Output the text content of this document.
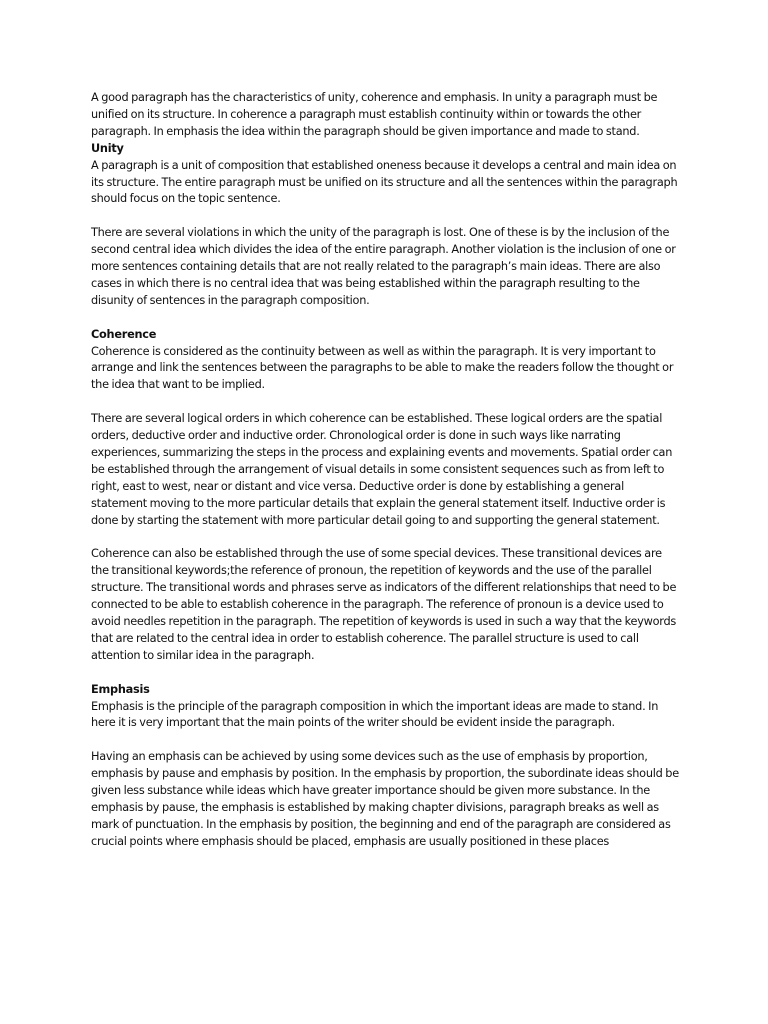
A good paragraph has the characteristics of unity, coherence and emphasis. In unity a paragraph must be unified on its structure. In coherence a paragraph must establish continuity within or towards the other paragraph. In emphasis the idea within the paragraph should be given importance and made to stand.

Unity

A paragraph is a unit of composition that established oneness because it develops a central and main idea on its structure. The entire paragraph must be unified on its structure and all the sentences within the paragraph should focus on the topic sentence.

There are several violations in which the unity of the paragraph is lost. One of these is by the inclusion of the second central idea which divides the idea of the entire paragraph. Another violation is the inclusion of one or more sentences containing details that are not really related to the paragraph’s main ideas. There are also cases in which there is no central idea that was being established within the paragraph resulting to the disunity of sentences in the paragraph composition.

Coherence

Coherence is considered as the continuity between as well as within the paragraph. It is very important to arrange and link the sentences between the paragraphs to be able to make the readers follow the thought or the idea that want to be implied.

There are several logical orders in which coherence can be established. These logical orders are the spatial orders, deductive order and inductive order. Chronological order is done in such ways like narrating experiences, summarizing the steps in the process and explaining events and movements. Spatial order can be established through the arrangement of visual details in some consistent sequences such as from left to right, east to west, near or distant and vice versa. Deductive order is done by establishing a general statement moving to the more particular details that explain the general statement itself. Inductive order is done by starting the statement with more particular detail going to and supporting the general statement.

Coherence can also be established through the use of some special devices. These transitional devices are the transitional keywords;the reference of pronoun, the repetition of keywords and the use of the parallel structure. The transitional words and phrases serve as indicators of the different relationships that need to be connected to be able to establish coherence in the paragraph. The reference of pronoun is a device used to avoid needles repetition in the paragraph. The repetition of keywords is used in such a way that the keywords that are related to the central idea in order to establish coherence. The parallel structure is used to call attention to similar idea in the paragraph.

Emphasis

Emphasis is the principle of the paragraph composition in which the important ideas are made to stand. In here it is very important that the main points of the writer should be evident inside the paragraph.

Having an emphasis can be achieved by using some devices such as the use of emphasis by proportion, emphasis by pause and emphasis by position. In the emphasis by proportion, the subordinate ideas should be given less substance while ideas which have greater importance should be given more substance. In the emphasis by pause, the emphasis is established by making chapter divisions, paragraph breaks as well as mark of punctuation. In the emphasis by position, the beginning and end of the paragraph are considered as crucial points where emphasis should be placed, emphasis are usually positioned in these places
